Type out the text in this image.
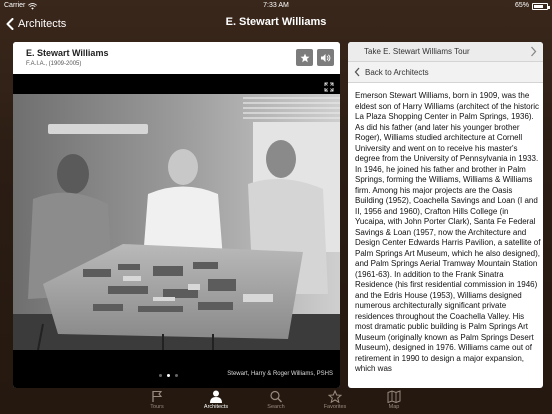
Carrier	7:33 AM	65%
Architects	E. Stewart Williams
E. Stewart Williams
F.A.I.A., (1909-2005)
Stewart, Harry & Roger Williams, PSHS
Take E. Stewart Williams Tour
Back to Architects
Emerson Stewart Williams, born in 1909, was the eldest son of Harry Williams (architect of the historic La Plaza Shopping Center in Palm Springs, 1936). As did his father (and later his younger brother Roger), Williams studied architecture at Cornell University and went on to receive his master's degree from the University of Pennsylvania in 1933. In 1946, he joined his father and brother in Palm Springs, forming the Williams, Williams & Williams firm. Among his major projects are the Oasis Building (1952), Coachella Savings and Loan (I and II, 1956 and 1960), Crafton Hills College (in Yucaipa, with John Porter Clark), Santa Fe Federal Savings & Loan (1957, now the Architecture and Design Center Edwards Harris Pavilion, a satellite of Palm Springs Art Museum, which he also designed), and Palm Springs Aerial Tramway Mountain Station (1961-63). In addition to the Frank Sinatra Residence (his first residential commission in 1946) and the Edris House (1953), Williams designed numerous architecturally significant private residences throughout the Coachella Valley. His most dramatic public building is Palm Springs Art Museum (originally known as Palm Springs Desert Museum), designed in 1976. Williams came out of retirement in 1990 to design a major expansion, which was
Tours	Architects	Search	Favorites	Map
